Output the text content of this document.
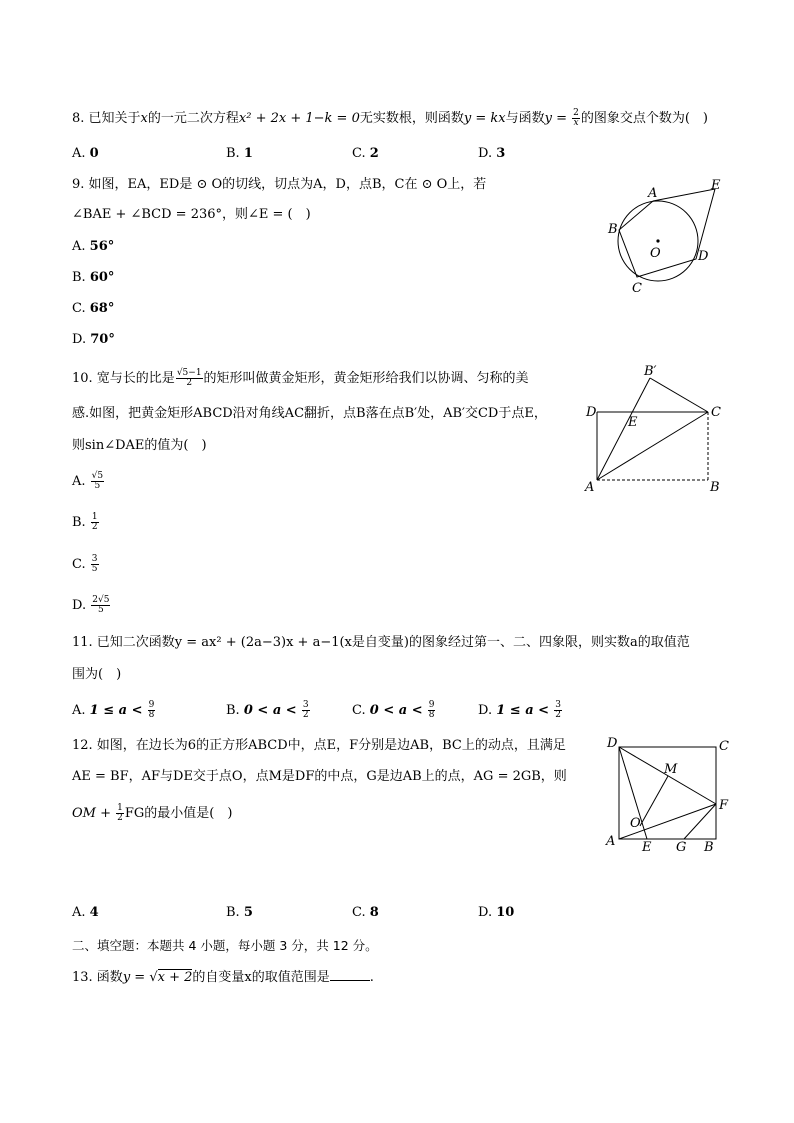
8. 已知关于x的一元二次方程x² + 2x + 1−k = 0无实数根，则函数y = kx与函数$y = \frac{2}{x}$ 的图象交点个数为(　)
A. 0	B. 1	C. 2	D. 3
9. 如图，EA，ED是 ⊙ O的切线，切点为A，D，点B，C在 ⊙ O上，若
∠BAE + ∠BCD = 236°，则∠E = (　)
A. 56°
B. 60°
C. 68°
D. 70°
A
B
C
D
E
O
10. 宽与长的比是 $\frac{√5-1}{2}$ 的矩形叫做黄金矩形，黄金矩形给我们以协调、匀称的美
感.如图，把黄金矩形ABCD沿对角线AC翻折，点B落在点B′处，AB′交CD于点E，
则sin∠DAE的值为(　)
A. $\frac{√5}{5}$
B. $\frac{1}{2}$
C. $\frac{3}{5}$
D. $\frac{2√5}{5}$
D	C
A	B
E
B′
11. 已知二次函数y = ax² + (2a−3)x + a−1(x是自变量)的图象经过第一、二、四象限，则实数a的取值范
围为(　)
A. $1 \le a < \frac{9}{8}$	B. $0 < a < \frac{3}{2}$	C. $0 < a < \frac{9}{8}$	D. $1 \le a < \frac{3}{2}$
12. 如图，在边长为6的正方形ABCD中，点E，F分别是边AB，BC上的动点，且满足
AE = BF，AF与DE交于点O，点M是DF的中点，G是边AB上的点，AG = 2GB，则
OM + $\frac{1}{2}$ FG的最小值是(　)
D	C
A	B
E
F
G
M
O
A. 4	B. 5	C. 8	D. 10
二、填空题：本题共 4 小题，每小题 3 分，共 12 分。
13. 函数y = √x + 2的自变量x的取值范围是	.
